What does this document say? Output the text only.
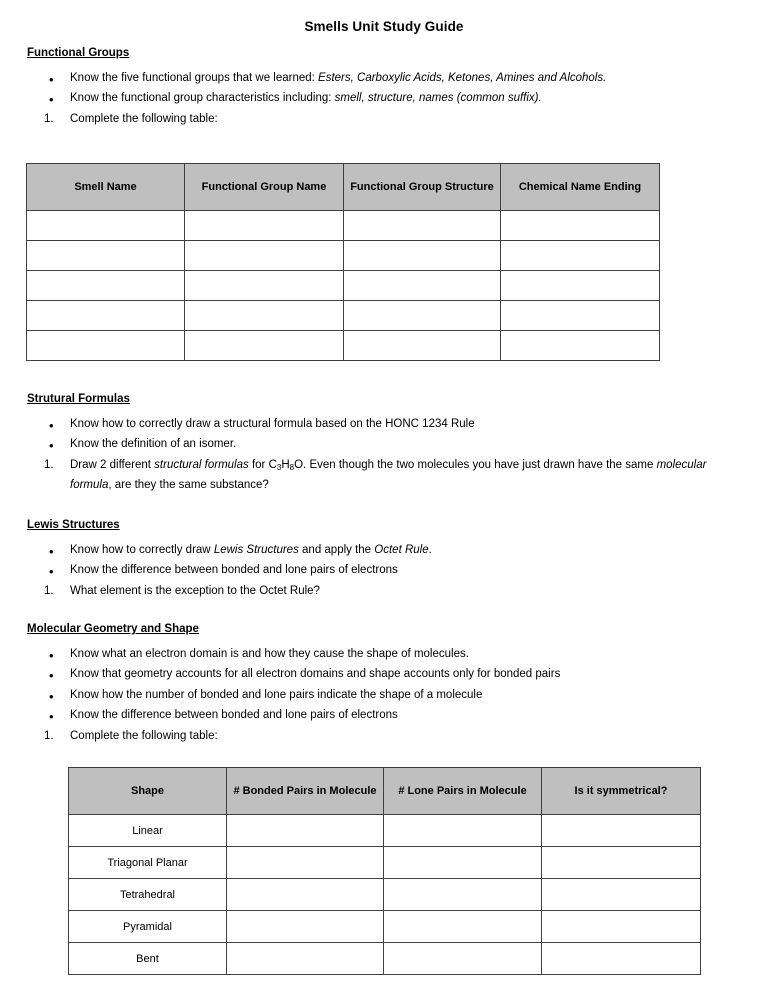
Smells Unit Study Guide
Functional Groups
• Know the five functional groups that we learned: Esters, Carboxylic Acids, Ketones, Amines and Alcohols.
• Know the functional group characteristics including: smell, structure, names (common suffix).
1. Complete the following table:
Smell Name	Functional Group Name	Functional Group Structure	Chemical Name Ending

Strutural Formulas
• Know how to correctly draw a structural formula based on the HONC 1234 Rule
• Know the definition of an isomer.
1. Draw 2 different structural formulas for $C_3H_8O$. Even though the two molecules you have just drawn have the same molecular formula, are they the same substance?
Lewis Structures
• Know how to correctly draw Lewis Structures and apply the Octet Rule.
• Know the difference between bonded and lone pairs of electrons
1. What element is the exception to the Octet Rule?
Molecular Geometry and Shape
• Know what an electron domain is and how they cause the shape of molecules.
• Know that geometry accounts for all electron domains and shape accounts only for bonded pairs
• Know how the number of bonded and lone pairs indicate the shape of a molecule
• Know the difference between bonded and lone pairs of electrons
1. Complete the following table:
Shape	# Bonded Pairs in Molecule	# Lone Pairs in Molecule	Is it symmetrical?
Linear			
Triagonal Planar			
Tetrahedral			
Pyramidal			
Bent			
